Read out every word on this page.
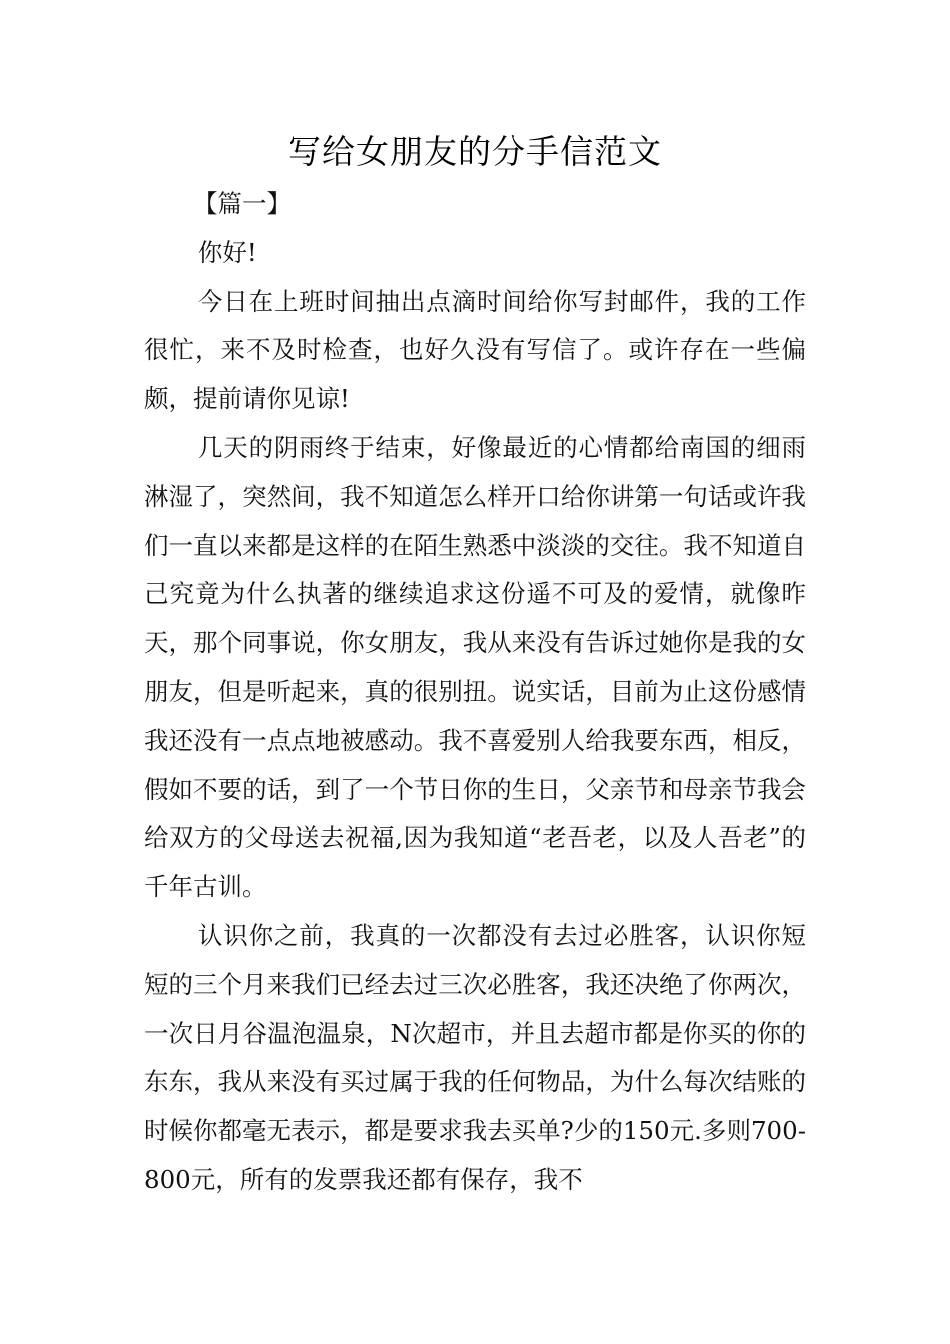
写给女朋友的分手信范文

【篇一】

你好!

今日在上班时间抽出点滴时间给你写封邮件，我的工作很忙，来不及时检查，也好久没有写信了。或许存在一些偏颇，提前请你见谅!

几天的阴雨终于结束，好像最近的心情都给南国的细雨淋湿了，突然间，我不知道怎么样开口给你讲第一句话或许我们一直以来都是这样的在陌生熟悉中淡淡的交往。我不知道自己究竟为什么执著的继续追求这份遥不可及的爱情，就像昨天，那个同事说，你女朋友，我从来没有告诉过她你是我的女朋友，但是听起来，真的很别扭。说实话，目前为止这份感情我还没有一点点地被感动。我不喜爱别人给我要东西，相反，假如不要的话，到了一个节日你的生日，父亲节和母亲节我会给双方的父母送去祝福,因为我知道“老吾老，以及人吾老”的千年古训。

认识你之前，我真的一次都没有去过必胜客，认识你短短的三个月来我们已经去过三次必胜客，我还决绝了你两次，一次日月谷温泡温泉，N次超市，并且去超市都是你买的你的东东，我从来没有买过属于我的任何物品，为什么每次结账的时候你都毫无表示，都是要求我去买单?少的150元.多则700-800元，所有的发票我还都有保存，我不
